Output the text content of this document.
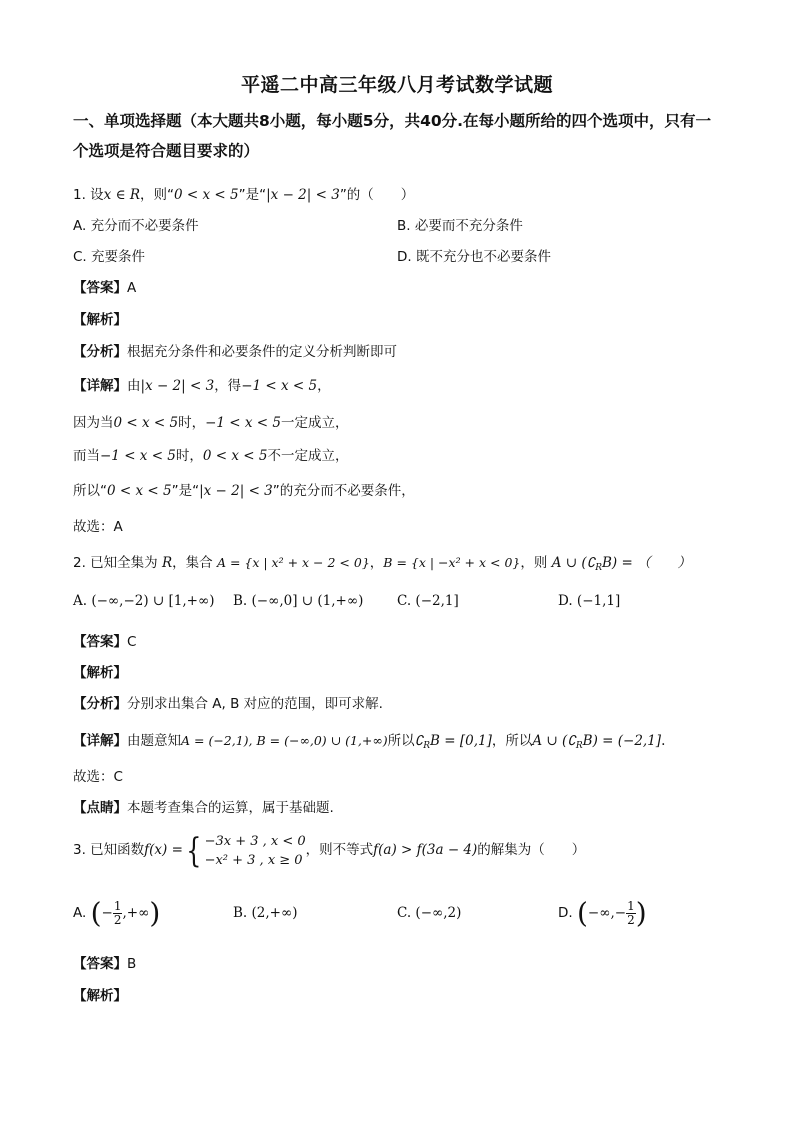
平遥二中高三年级八月考试数学试题
一、单项选择题（本大题共8小题，每小题5分，共40分.在每小题所给的四个选项中，只有一个选项是符合题目要求的）
1. 设x ∈ R，则“0 < x < 5”是“|x − 2| < 3”的（　　）
A. 充分而不必要条件	B. 必要而不充分条件
C. 充要条件	D. 既不充分也不必要条件
【答案】A
【解析】
【分析】根据充分条件和必要条件的定义分析判断即可
【详解】由|x − 2| < 3，得−1 < x < 5，
因为当0 < x < 5时，−1 < x < 5一定成立，
而当−1 < x < 5时，0 < x < 5不一定成立，
所以“0 < x < 5”是“|x − 2| < 3”的充分而不必要条件，
故选：A
2. 已知全集为 R，集合 A = {x | x² + x − 2 < 0}，B = {x | −x² + x < 0}，则 A ∪ $(∁_RB)$ = （　　）
A. (−∞,−2) ∪ [1,+∞) B. (−∞,0] ∪ (1,+∞) C. (−2,1]	D. (−1,1]
【答案】C
【解析】
【分析】分别求出集合 A, B 对应的范围，即可求解.
【详解】由题意知A = (−2,1), B = (−∞,0) ∪ (1,+∞)所以$∁_RB = [0,1]$，所以A ∪ $(∁_RB) = (-2,1]$.
故选：C
【点睛】本题考查集合的运算，属于基础题.
3. 已知函数f(x) ={ −3x + 3 , x < 0
−x² + 3 , x ≥ 0
，则不等式f(a) > f(3a − 4)的解集为（　　）
A. (− $\frac{1}{2}$ ,+∞)	B. (2,+∞)	C. (−∞,2)	D. (−∞,− $\frac{1}{2}$ )
【答案】B
【解析】
